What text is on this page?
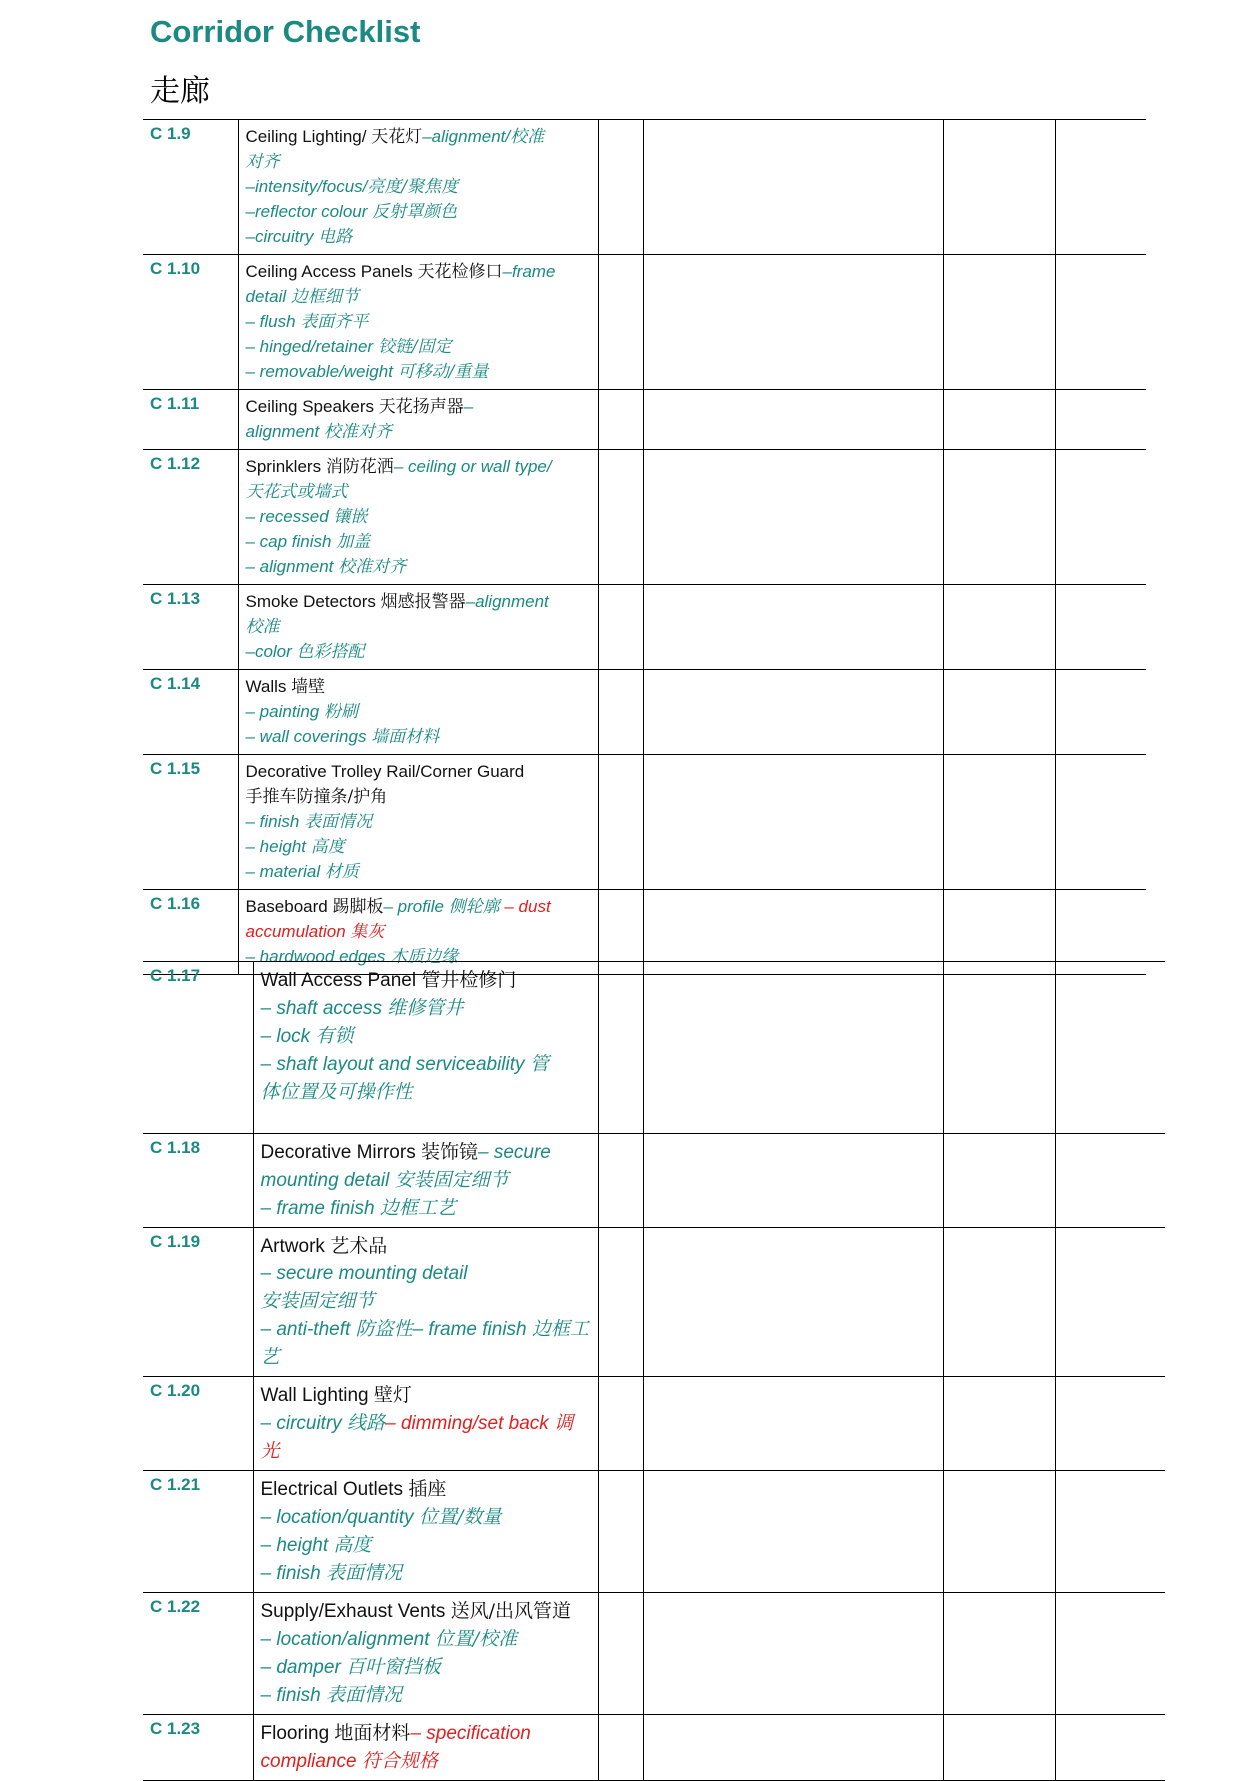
Corridor Checklist
走廊
C 1.9	Ceiling Lighting/ 天花灯–alignment/校准
对齐
–intensity/focus/亮度/聚焦度
–reflector colour 反射罩颜色
–circuitry 电路				

C 1.10	Ceiling Access Panels 天花检修口–frame
detail 边框细节
– flush 表面齐平
– hinged/retainer 铰链/固定
– removable/weight 可移动/重量				

C 1.11	Ceiling Speakers 天花扬声器–
alignment 校准对齐				

C 1.12	Sprinklers 消防花洒– ceiling or wall type/
天花式或墙式
– recessed 镶嵌
– cap finish 加盖
– alignment 校准对齐				

C 1.13	Smoke Detectors 烟感报警器–alignment
校准
–color 色彩搭配				

C 1.14	Walls 墙壁
– painting 粉刷
– wall coverings 墙面材料				

C 1.15	Decorative Trolley Rail/Corner Guard
手推车防撞条/护角
– finish 表面情况
– height 高度
– material 材质				

C 1.16	Baseboard 踢脚板– profile 侧轮廓 – dust
accumulation 集灰
– hardwood edges 木质边缘				

C 1.17	Wall Access Panel 管井检修门
– shaft access 维修管井
– lock 有锁
– shaft layout and serviceability 管
体位置及可操作性				

C 1.18	Decorative Mirrors 装饰镜– secure
mounting detail 安装固定细节
– frame finish 边框工艺				

C 1.19	Artwork 艺术品
– secure mounting detail
安装固定细节
– anti-theft 防盗性– frame finish 边框工
艺				

C 1.20	Wall Lighting 壁灯
– circuitry 线路– dimming/set back 调光				

C 1.21	Electrical Outlets 插座
– location/quantity 位置/数量
– height 高度
– finish 表面情况				

C 1.22	Supply/Exhaust Vents 送风/出风管道
– location/alignment 位置/校准
– damper 百叶窗挡板
– finish 表面情况				

C 1.23	Flooring 地面材料– specification
compliance 符合规格				
